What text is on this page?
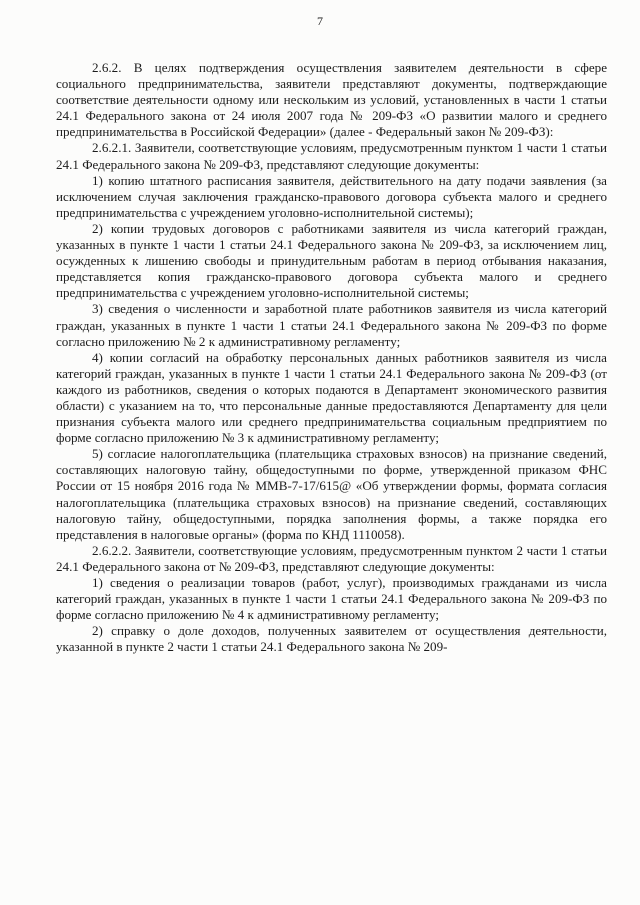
7

2.6.2. В целях подтверждения осуществления заявителем деятельности в сфере социального предпринимательства, заявители представляют документы, подтверждающие соответствие деятельности одному или нескольким из условий, установленных в части 1 статьи 24.1 Федерального закона от 24 июля 2007 года № 209-ФЗ «О развитии малого и среднего предпринимательства в Российской Федерации» (далее - Федеральный закон № 209-ФЗ):

2.6.2.1. Заявители, соответствующие условиям, предусмотренным пунктом 1 части 1 статьи 24.1 Федерального закона № 209-ФЗ, представляют следующие документы:

1) копию штатного расписания заявителя, действительного на дату подачи заявления (за исключением случая заключения гражданско-правового договора субъекта малого и среднего предпринимательства с учреждением уголовно-исполнительной системы);

2) копии трудовых договоров с работниками заявителя из числа категорий граждан, указанных в пункте 1 части 1 статьи 24.1 Федерального закона № 209-ФЗ, за исключением лиц, осужденных к лишению свободы и принудительным работам в период отбывания наказания, представляется копия гражданско-правового договора субъекта малого и среднего предпринимательства с учреждением уголовно-исполнительной системы;

3) сведения о численности и заработной плате работников заявителя из числа категорий граждан, указанных в пункте 1 части 1 статьи 24.1 Федерального закона № 209-ФЗ по форме согласно приложению № 2 к административному регламенту;

4) копии согласий на обработку персональных данных работников заявителя из числа категорий граждан, указанных в пункте 1 части 1 статьи 24.1 Федерального закона № 209-ФЗ (от каждого из работников, сведения о которых подаются в Департамент экономического развития области) с указанием на то, что персональные данные предоставляются Департаменту для цели признания субъекта малого или среднего предпринимательства социальным предприятием по форме согласно приложению № 3 к административному регламенту;

5) согласие налогоплательщика (плательщика страховых взносов) на признание сведений, составляющих налоговую тайну, общедоступными по форме, утвержденной приказом ФНС России от 15 ноября 2016 года № ММВ-7-17/615@ «Об утверждении формы, формата согласия налогоплательщика (плательщика страховых взносов) на признание сведений, составляющих налоговую тайну, общедоступными, порядка заполнения формы, а также порядка его представления в налоговые органы» (форма по КНД 1110058).

2.6.2.2. Заявители, соответствующие условиям, предусмотренным пунктом 2 части 1 статьи 24.1 Федерального закона от № 209-ФЗ, представляют следующие документы:

1) сведения о реализации товаров (работ, услуг), производимых гражданами из числа категорий граждан, указанных в пункте 1 части 1 статьи 24.1 Федерального закона № 209-ФЗ по форме согласно приложению № 4 к административному регламенту;

2) справку о доле доходов, полученных заявителем от осуществления деятельности, указанной в пункте 2 части 1 статьи 24.1 Федерального закона № 209-
